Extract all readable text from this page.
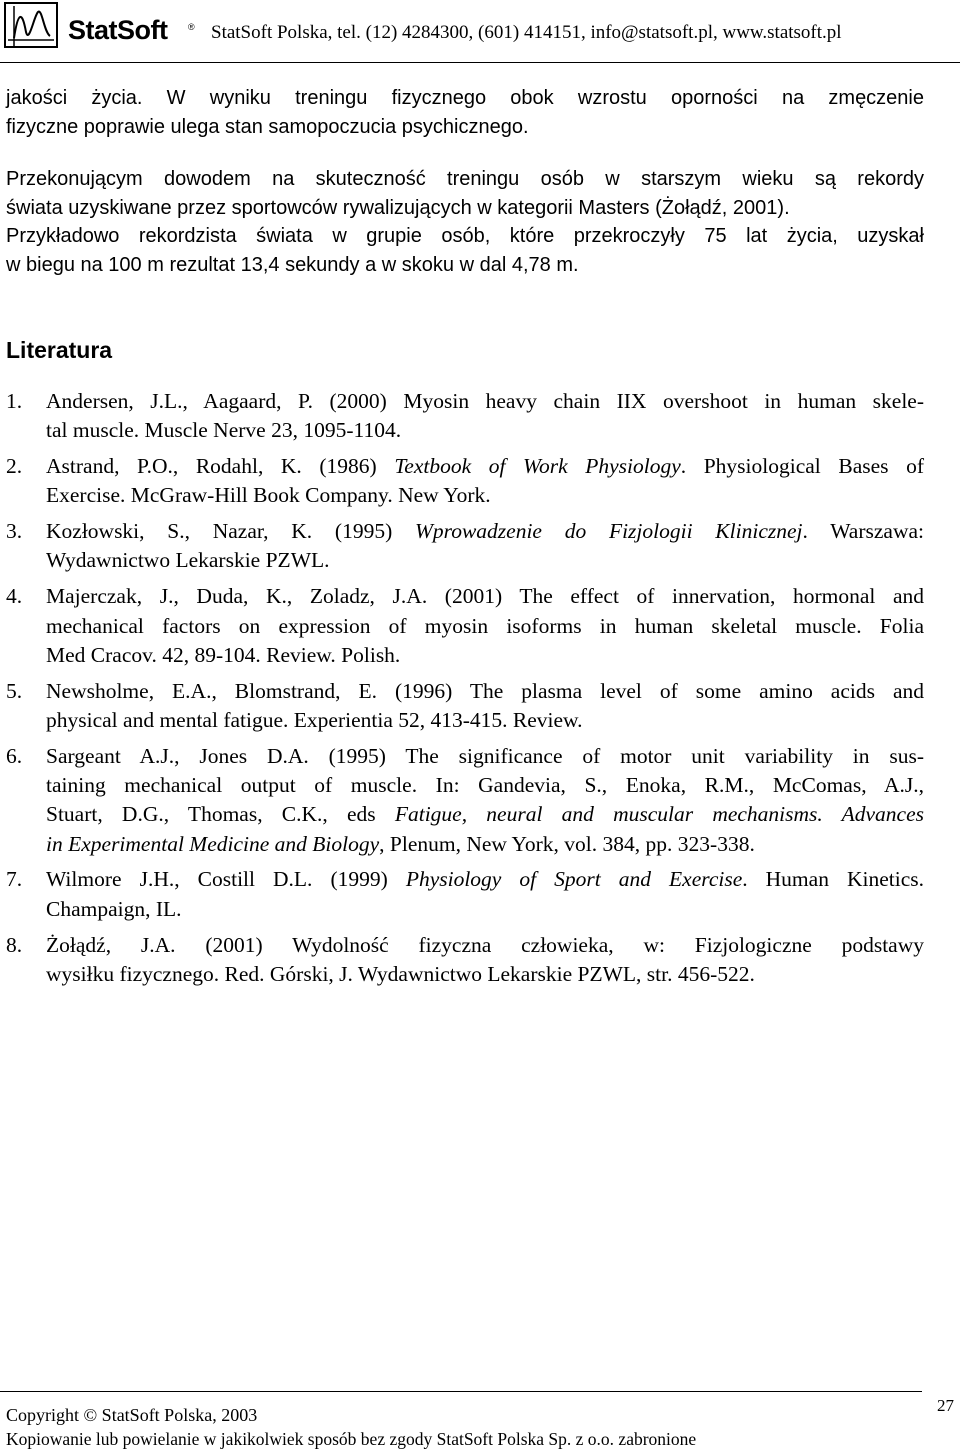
StatSoft ® StatSoft Polska, tel. (12) 4284300, (601) 414151, info@statsoft.pl, www.statsoft.pl
jakości życia. W wyniku treningu fizycznego obok wzrostu oporności na zmęczenie
fizyczne poprawie ulega stan samopoczucia psychicznego.
Przekonującym dowodem na skuteczność treningu osób w starszym wieku są rekordy
świata uzyskiwane przez sportowców rywalizujących w kategorii Masters (Żołądź, 2001).
Przykładowo rekordzista świata w grupie osób, które przekroczyły 75 lat życia, uzyskał
w biegu na 100 m rezultat 13,4 sekundy a w skoku w dal 4,78 m.
Literatura
1. Andersen, J.L., Aagaard, P. (2000) Myosin heavy chain IIX overshoot in human skele-
tal muscle. Muscle Nerve 23, 1095-1104.
2. Astrand, P.O., Rodahl, K. (1986) Textbook of Work Physiology. Physiological Bases of
Exercise. McGraw-Hill Book Company. New York.
3. Kozłowski, S., Nazar, K. (1995) Wprowadzenie do Fizjologii Klinicznej. Warszawa:
Wydawnictwo Lekarskie PZWL.
4. Majerczak, J., Duda, K., Zoladz, J.A. (2001) The effect of innervation, hormonal and
mechanical factors on expression of myosin isoforms in human skeletal muscle. Folia
Med Cracov. 42, 89-104. Review. Polish.
5. Newsholme, E.A., Blomstrand, E. (1996) The plasma level of some amino acids and
physical and mental fatigue. Experientia 52, 413-415. Review.
6. Sargeant A.J., Jones D.A. (1995) The significance of motor unit variability in sus-
taining mechanical output of muscle. In: Gandevia, S., Enoka, R.M., McComas, A.J.,
Stuart, D.G., Thomas, C.K., eds Fatigue, neural and muscular mechanisms. Advances
in Experimental Medicine and Biology, Plenum, New York, vol. 384, pp. 323-338.
7. Wilmore J.H., Costill D.L. (1999) Physiology of Sport and Exercise. Human Kinetics.
Champaign, IL.
8. Żołądź, J.A. (2001) Wydolność fizyczna człowieka, w: Fizjologiczne podstawy
wysiłku fizycznego. Red. Górski, J. Wydawnictwo Lekarskie PZWL, str. 456-522.
27
Copyright © StatSoft Polska, 2003
Kopiowanie lub powielanie w jakikolwiek sposób bez zgody StatSoft Polska Sp. z o.o. zabronione
